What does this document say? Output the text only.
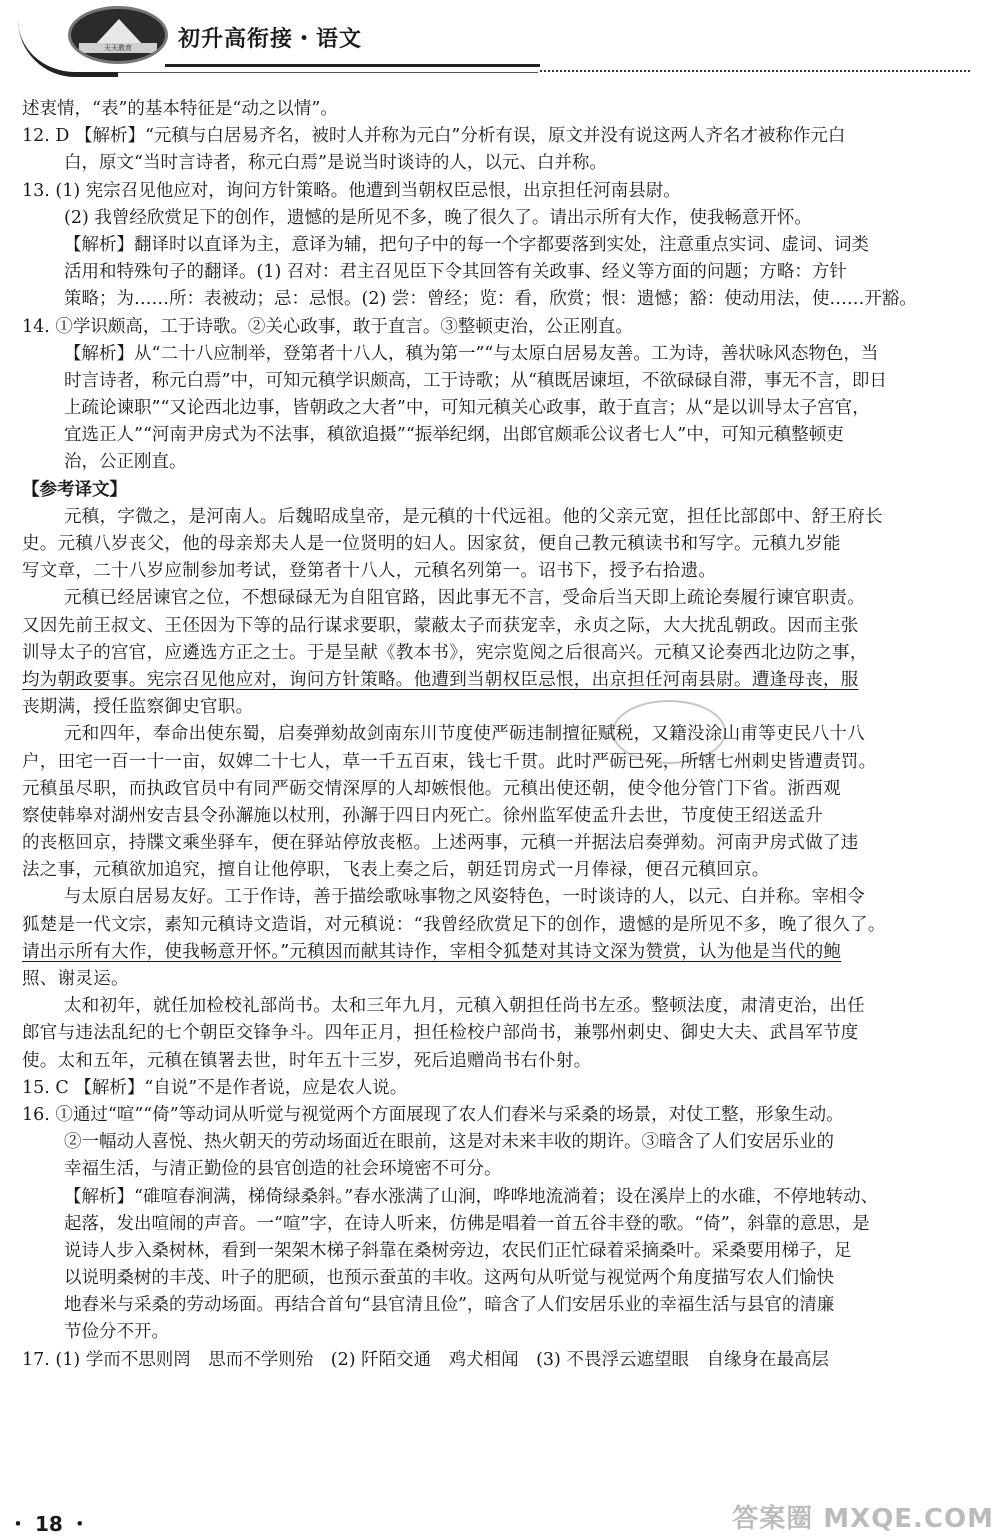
天天教育	初升高衔接・语文
述衷情，“表”的基本特征是“动之以情”。
12. D 【解析】“元稹与白居易齐名，被时人并称为元白”分析有误，原文并没有说这两人齐名才被称作元白
白，原文“当时言诗者，称元白焉”是说当时谈诗的人，以元、白并称。
13. (1) 宪宗召见他应对，询问方针策略。他遭到当朝权臣忌恨，出京担任河南县尉。
(2) 我曾经欣赏足下的创作，遗憾的是所见不多，晚了很久了。请出示所有大作，使我畅意开怀。
【解析】翻译时以直译为主，意译为辅，把句子中的每一个字都要落到实处，注意重点实词、虚词、词类
活用和特殊句子的翻译。(1) 召对：君主召见臣下令其回答有关政事、经义等方面的问题；方略：方针
策略；为……所：表被动；忌：忌恨。(2) 尝：曾经；览：看，欣赏；恨：遗憾；豁：使动用法，使……开豁。
14. ①学识颇高，工于诗歌。②关心政事，敢于直言。③整顿吏治，公正刚直。
【解析】从“二十八应制举，登第者十八人，稹为第一”“与太原白居易友善。工为诗，善状咏风态物色，当
时言诗者，称元白焉”中，可知元稹学识颇高，工于诗歌；从“稹既居谏垣，不欲碌碌自滞，事无不言，即日
上疏论谏职”“又论西北边事，皆朝政之大者”中，可知元稹关心政事，敢于直言；从“是以训导太子宫官，
宜选正人”“河南尹房式为不法事，稹欲追摄”“振举纪纲，出郎官颇乖公议者七人”中，可知元稹整顿吏
治，公正刚直。
【参考译文】
元稹，字微之，是河南人。后魏昭成皇帝，是元稹的十代远祖。他的父亲元宽，担任比部郎中、舒王府长
史。元稹八岁丧父，他的母亲郑夫人是一位贤明的妇人。因家贫，便自己教元稹读书和写字。元稹九岁能
写文章，二十八岁应制参加考试，登第者十八人，元稹名列第一。诏书下，授予右拾遗。
元稹已经居谏官之位，不想碌碌无为自阻官路，因此事无不言，受命后当天即上疏论奏履行谏官职责。
又因先前王叔文、王伾因为下等的品行谋求要职，蒙蔽太子而获宠幸，永贞之际，大大扰乱朝政。因而主张
训导太子的宫官，应遴选方正之士。于是呈献《教本书》，宪宗览阅之后很高兴。元稹又论奏西北边防之事，
均为朝政要事。宪宗召见他应对，询问方针策略。他遭到当朝权臣忌恨，出京担任河南县尉。遭逢母丧，服
丧期满，授任监察御史官职。
元和四年，奉命出使东蜀，启奏弹劾故剑南东川节度使严砺违制擅征赋税，又籍没涂山甫等吏民八十八
户，田宅一百一十一亩，奴婢二十七人，草一千五百束，钱七千贯。此时严砺已死，所辖七州刺史皆遭责罚。
元稹虽尽职，而执政官员中有同严砺交情深厚的人却嫉恨他。元稹出使还朝，使令他分管门下省。浙西观
察使韩皋对湖州安吉县令孙澥施以杖刑，孙澥于四日内死亡。徐州监军使孟升去世，节度使王绍送孟升
的丧柩回京，持牒文乘坐驿车，便在驿站停放丧柩。上述两事，元稹一并据法启奏弹劾。河南尹房式做了违
法之事，元稹欲加追究，擅自让他停职，飞表上奏之后，朝廷罚房式一月俸禄，便召元稹回京。
与太原白居易友好。工于作诗，善于描绘歌咏事物之风姿特色，一时谈诗的人，以元、白并称。宰相令
狐楚是一代文宗，素知元稹诗文造诣，对元稹说：“我曾经欣赏足下的创作，遗憾的是所见不多，晚了很久了。
请出示所有大作，使我畅意开怀。”元稹因而献其诗作，宰相令狐楚对其诗文深为赞赏，认为他是当代的鲍
照、谢灵运。
太和初年，就任加检校礼部尚书。太和三年九月，元稹入朝担任尚书左丞。整顿法度，肃清吏治，出任
郎官与违法乱纪的七个朝臣交锋争斗。四年正月，担任检校户部尚书，兼鄂州刺史、御史大夫、武昌军节度
使。太和五年，元稹在镇署去世，时年五十三岁，死后追赠尚书右仆射。
15. C 【解析】“自说”不是作者说，应是农人说。
16. ①通过“喧”“倚”等动词从听觉与视觉两个方面展现了农人们舂米与采桑的场景，对仗工整，形象生动。
②一幅动人喜悦、热火朝天的劳动场面近在眼前，这是对未来丰收的期许。③暗含了人们安居乐业的
幸福生活，与清正勤俭的县官创造的社会环境密不可分。
【解析】“碓喧春涧满，梯倚绿桑斜。”春水涨满了山涧，哗哗地流淌着；设在溪岸上的水碓，不停地转动、
起落，发出喧闹的声音。一“喧”字，在诗人听来，仿佛是唱着一首五谷丰登的歌。“倚”，斜靠的意思，是
说诗人步入桑树林，看到一架架木梯子斜靠在桑树旁边，农民们正忙碌着采摘桑叶。采桑要用梯子，足
以说明桑树的丰茂、叶子的肥硕，也预示蚕茧的丰收。这两句从听觉与视觉两个角度描写农人们愉快
地舂米与采桑的劳动场面。再结合首句“县官清且俭”，暗含了人们安居乐业的幸福生活与县官的清廉
节俭分不开。
17. (1) 学而不思则罔　思而不学则殆　(2) 阡陌交通　鸡犬相闻　(3) 不畏浮云遮望眼　自缘身在最高层
・ 18 ・	答案圈 MXQE.COM
